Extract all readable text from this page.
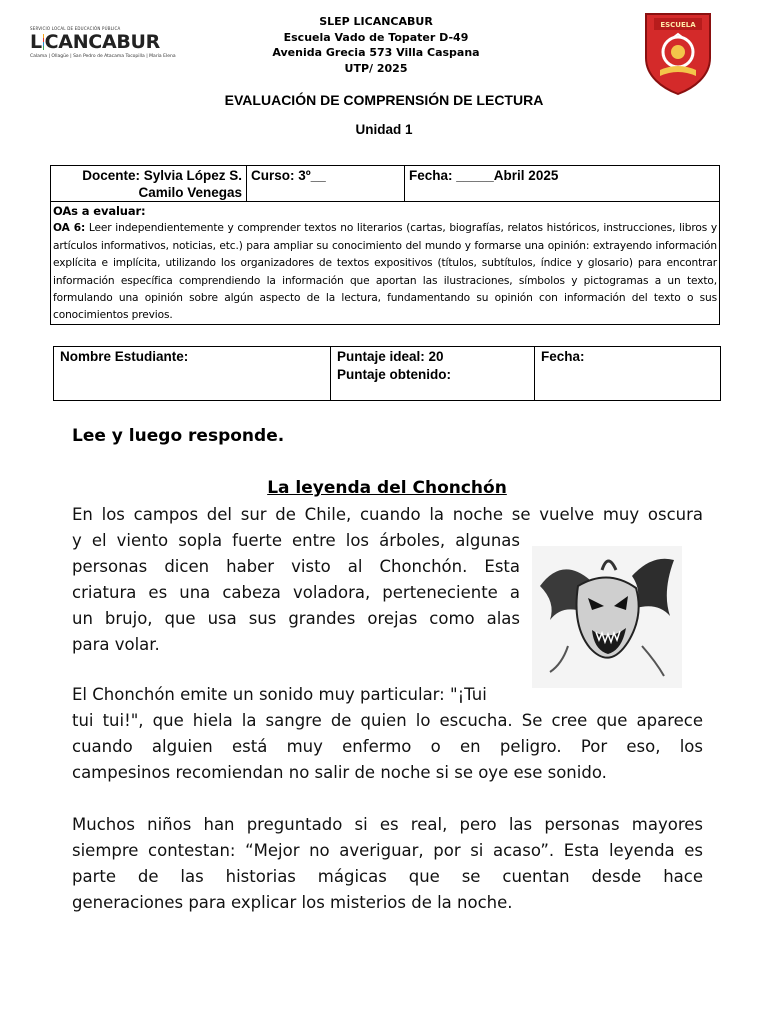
SERVICIO LOCAL DE EDUCACIÓN PÚBLICA
L CANCABUR
Calama | Ollagüe | San Pedro de Atacama Tocopilla | María Elena
SLEP LICANCABUR
Escuela Vado de Topater D-49
Avenida Grecia 573 Villa Caspana
UTP/ 2025
ESCUELA
EVALUACIÓN DE COMPRENSIÓN DE LECTURA
Unidad 1
Docente: Sylvia López S.
Camilo Venegas
Curso: 3º__	Fecha: _____Abril 2025
OAs a evaluar:
OA 6: Leer independientemente y comprender textos no literarios (cartas, biografías, relatos históricos, instrucciones, libros y artículos informativos, noticias, etc.) para ampliar su conocimiento del mundo y formarse una opinión: extrayendo información explícita e implícita, utilizando los organizadores de textos expositivos (títulos, subtítulos, índice y glosario) para encontrar información específica comprendiendo la información que aportan las ilustraciones, símbolos y pictogramas a un texto, formulando una opinión sobre algún aspecto de la lectura, fundamentando su opinión con información del texto o sus conocimientos previos.
Nombre Estudiante:	Puntaje ideal: 20
Puntaje obtenido:
Fecha:
Lee y luego responde.
La leyenda del Chonchón
En los campos del sur de Chile, cuando la noche se vuelve muy oscura
y el viento sopla fuerte entre los árboles, algunas
personas dicen haber visto al Chonchón. Esta
criatura es una cabeza voladora, perteneciente a
un brujo, que usa sus grandes orejas como alas
para volar.
El Chonchón emite un sonido muy particular: "¡Tui
tui tui!", que hiela la sangre de quien lo escucha. Se cree que aparece
cuando alguien está muy enfermo o en peligro. Por eso, los
campesinos recomiendan no salir de noche si se oye ese sonido.
Muchos niños han preguntado si es real, pero las personas mayores
siempre contestan: “Mejor no averiguar, por si acaso”. Esta leyenda es
parte de las historias mágicas que se cuentan desde hace
generaciones para explicar los misterios de la noche.
